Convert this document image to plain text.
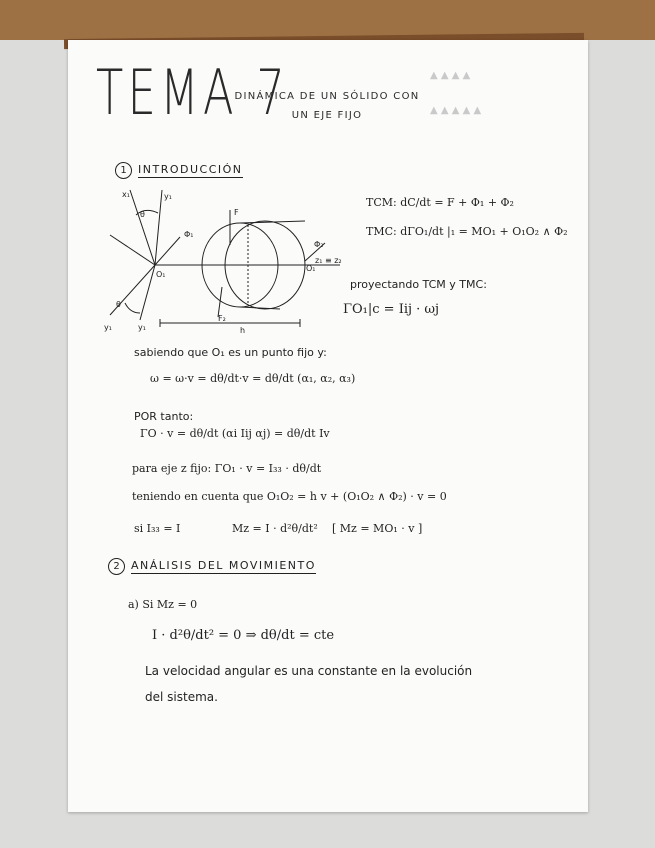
▲ ▲ ▲ ▲
▲ ▲ ▲ ▲ ▲
TEMA 7
DINÁMICA DE UN SÓLIDO CON
UN EJE FIJO
1 INTRODUCCIÓN
x₁
θ
y₁
F
Φ₁
Φ₂
O₁
O₁
z₁ ≡ z₂
θ
y₁	y₁
F₂
h
TCM: dC/dt = F + Φ₁ + Φ₂
TMC: dΓO₁/dt |₁ = MO₁ + O₁O₂ ∧ Φ₂
proyectando TCM y TMC:
ΓO₁|c = Iij · ωj
sabiendo que O₁ es un punto fijo y:
ω = ω·v = dθ/dt·v = dθ/dt (α₁, α₂, α₃)
POR tanto:
ΓO · v = dθ/dt (αi Iij αj) = dθ/dt Iv
para eje z fijo: ΓO₁ · v = I₃₃ · dθ/dt
teniendo en cuenta que O₁O₂ = h v + (O₁O₂ ∧ Φ₂) · v = 0
si I₃₃ = I	Mz = I · d²θ/dt² [ Mz = MO₁ · v ]
2 ANÁLISIS DEL MOVIMIENTO
a) Si Mz = 0
I · d²θ/dt² = 0 ⇒ dθ/dt = cte
La velocidad angular es una constante en la evolución
del sistema.
